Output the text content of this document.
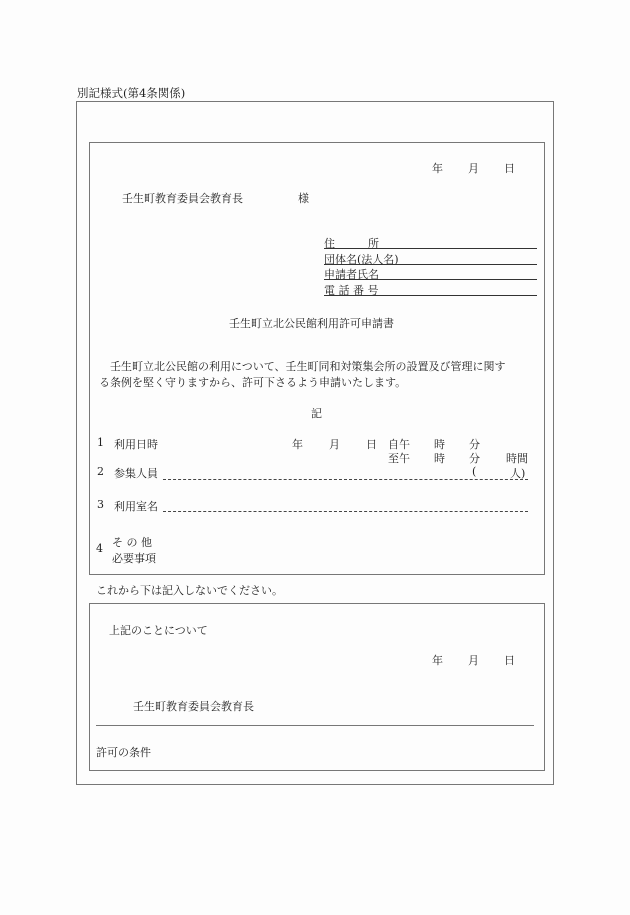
別記様式(第4条関係)
年 月 日
壬生町教育委員会教育長	様
住　　　所
団体名(法人名)
申請者氏名
電 話 番 号
壬生町立北公民館利用許可申請書
　壬生町立北公民館の利用について、壬生町同和対策集会所の設置及び管理に関す
る条例を堅く守りますから、許可下さるよう申請いたします。
記
1 利用日時	年 月 日 自午 時 分
至午 時 分 時間
2 参集人員	(	人)
3 利用室名
4 そ の 他
必要事項
これから下は記入しないでください。
上記のことについて
年 月 日
壬生町教育委員会教育長
許可の条件
